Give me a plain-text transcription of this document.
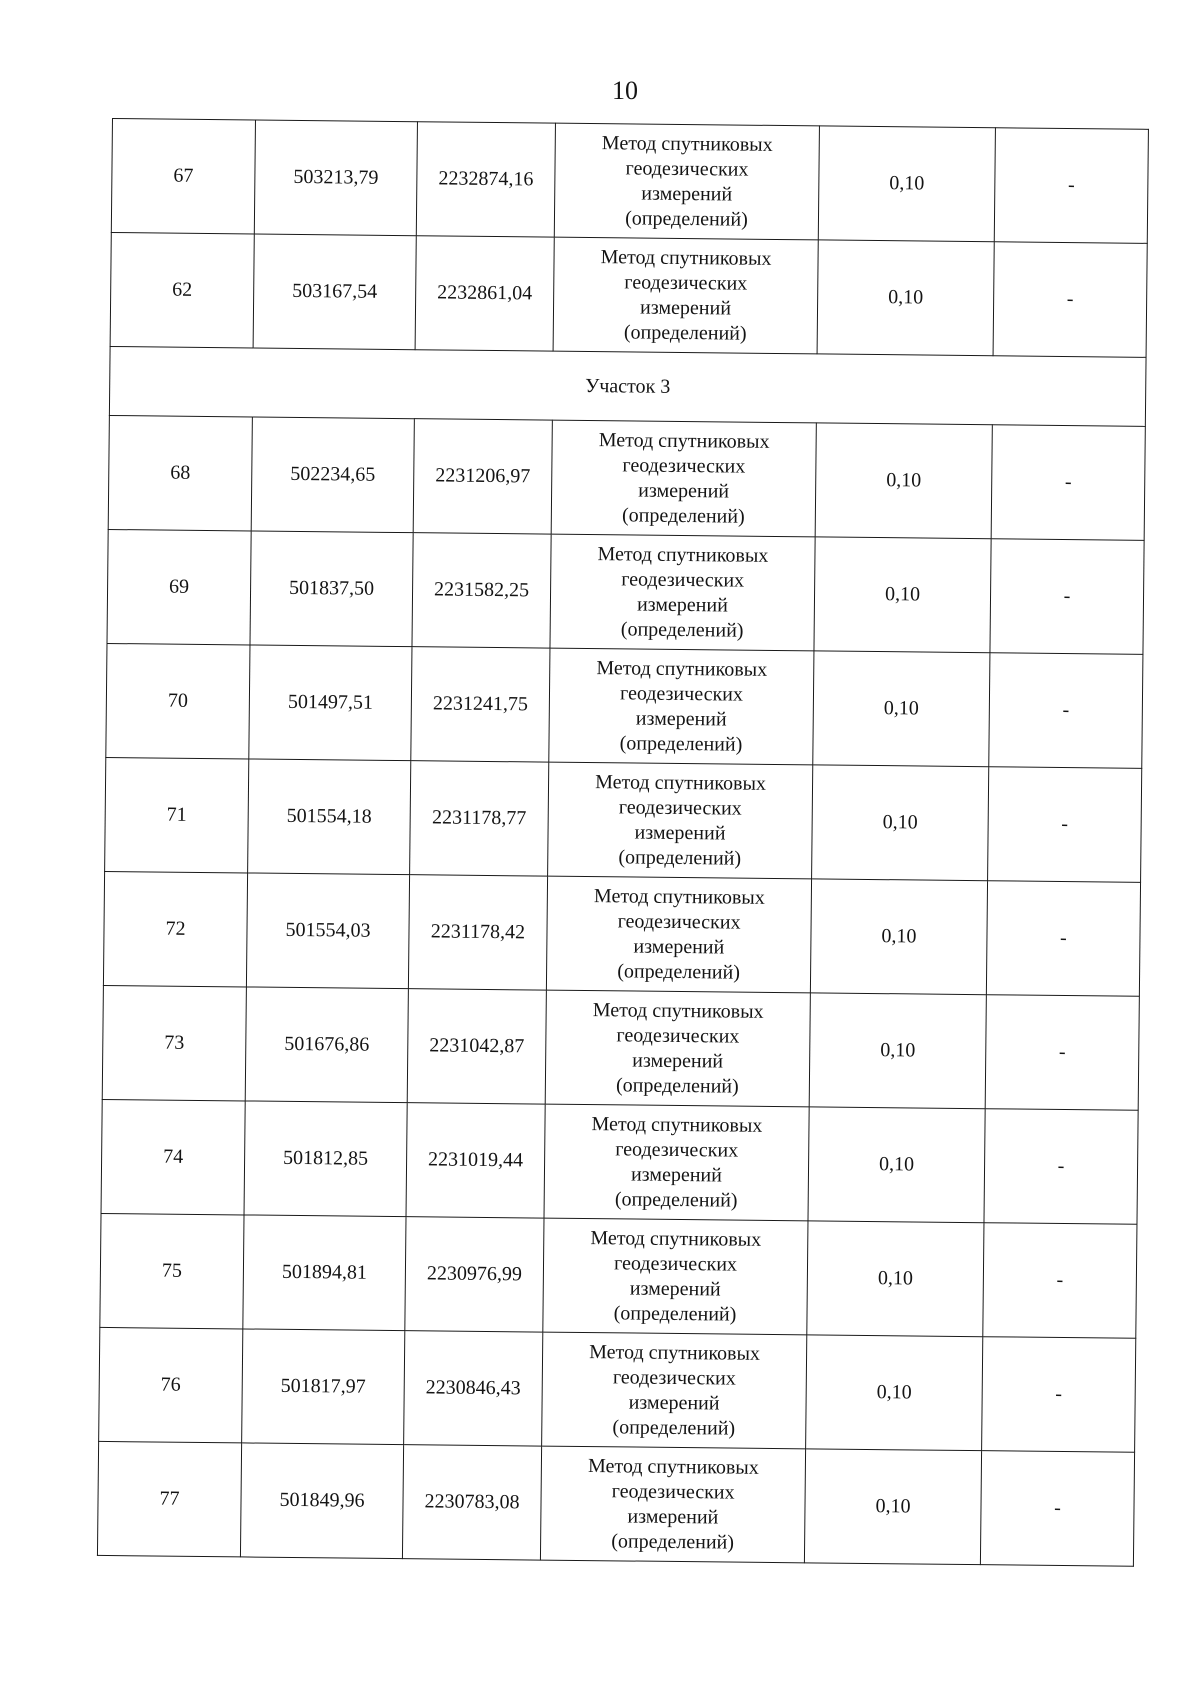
10
67	503213,79	2232874,16	Метод спутниковых
геодезических
измерений
(определений)	0,10	-
62	503167,54	2232861,04	Метод спутниковых
геодезических
измерений
(определений)	0,10	-
Участок 3					
68	502234,65	2231206,97	Метод спутниковых
геодезических
измерений
(определений)	0,10	-
69	501837,50	2231582,25	Метод спутниковых
геодезических
измерений
(определений)	0,10	-
70	501497,51	2231241,75	Метод спутниковых
геодезических
измерений
(определений)	0,10	-
71	501554,18	2231178,77	Метод спутниковых
геодезических
измерений
(определений)	0,10	-
72	501554,03	2231178,42	Метод спутниковых
геодезических
измерений
(определений)	0,10	-
73	501676,86	2231042,87	Метод спутниковых
геодезических
измерений
(определений)	0,10	-
74	501812,85	2231019,44	Метод спутниковых
геодезических
измерений
(определений)	0,10	-
75	501894,81	2230976,99	Метод спутниковых
геодезических
измерений
(определений)	0,10	-
76	501817,97	2230846,43	Метод спутниковых
геодезических
измерений
(определений)	0,10	-
77	501849,96	2230783,08	Метод спутниковых
геодезических
измерений
(определений)	0,10	-
